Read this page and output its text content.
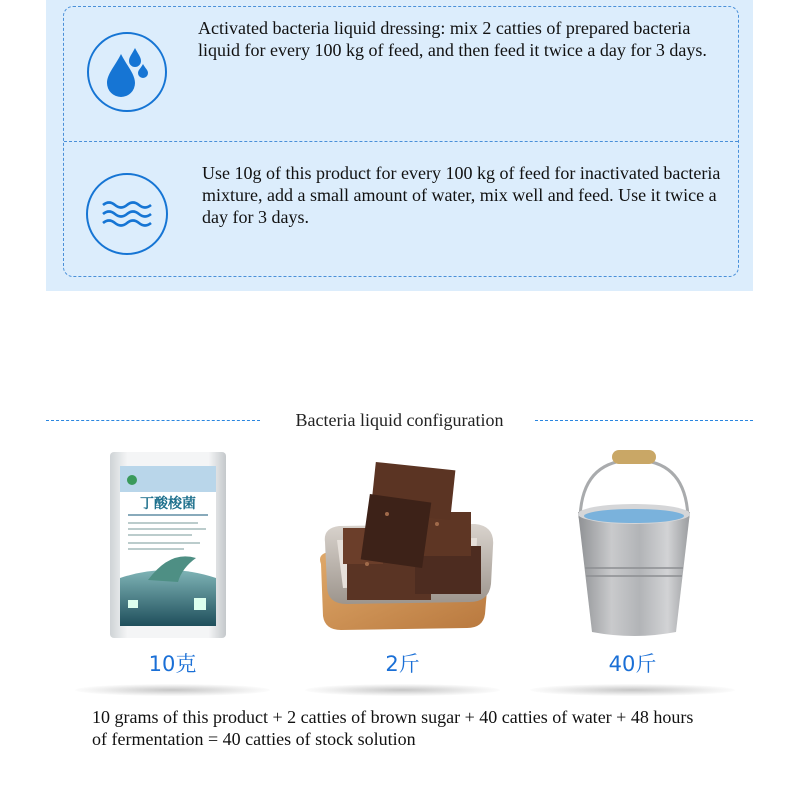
Activated bacteria liquid dressing: mix 2 catties of prepared bacteria liquid for every 100 kg of feed, and then feed it twice a day for 3 days.
Use 10g of this product for every 100 kg of feed for inactivated bacteria mixture, add a small amount of water, mix well and feed. Use it twice a day for 3 days.
Bacteria liquid configuration
丁酸梭菌
10克	2斤	40斤
10 grams of this product + 2 catties of brown sugar + 40 catties of water + 48 hours of fermentation = 40 catties of stock solution
